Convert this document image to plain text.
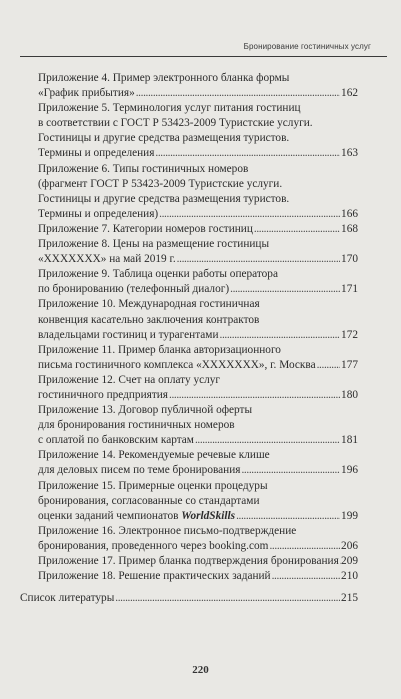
Бронирование гостиничных услуг
Приложение 4. Пример электронного бланка формы
«График прибытия» . . .	162
Приложение 5. Терминология услуг питания гостиниц
в соответствии с ГОСТ Р 53423-2009 Туристские услуги.
Гостиницы и другие средства размещения туристов.
Термины и определения . . .	163
Приложение 6. Типы гостиничных номеров
(фрагмент ГОСТ Р 53423-2009 Туристские услуги.
Гостиницы и другие средства размещения туристов.
Термины и определения) . . .	166
Приложение 7. Категории номеров гостиниц . . .	168
Приложение 8. Цены на размещение гостиницы
«XXXXXXX» на май 2019 г. . . .	170
Приложение 9. Таблица оценки работы оператора
по бронированию (телефонный диалог) . . .	171
Приложение 10. Международная гостиничная
конвенция касательно заключения контрактов
владельцами гостиниц и турагентами . . .	172
Приложение 11. Пример бланка авторизационного
письма гостиничного комплекса «XXXXXXX», г. Москва . . . 177
Приложение 12. Счет на оплату услуг
гостиничного предприятия . . .	180
Приложение 13. Договор публичной оферты
для бронирования гостиничных номеров
с оплатой по банковским картам . . .	181
Приложение 14. Рекомендуемые речевые клише
для деловых писем по теме бронирования . . .	196
Приложение 15. Примерные оценки процедуры
бронирования, согласованные со стандартами
оценки заданий чемпионатов WorldSkills . . .	199
Приложение 16. Электронное письмо-подтверждение
бронирования, проведенного через booking.com . . .	206
Приложение 17. Пример бланка подтверждения бронирования . . . 209
Приложение 18. Решение практических заданий . . .	210
Список литературы . . .	215
220
